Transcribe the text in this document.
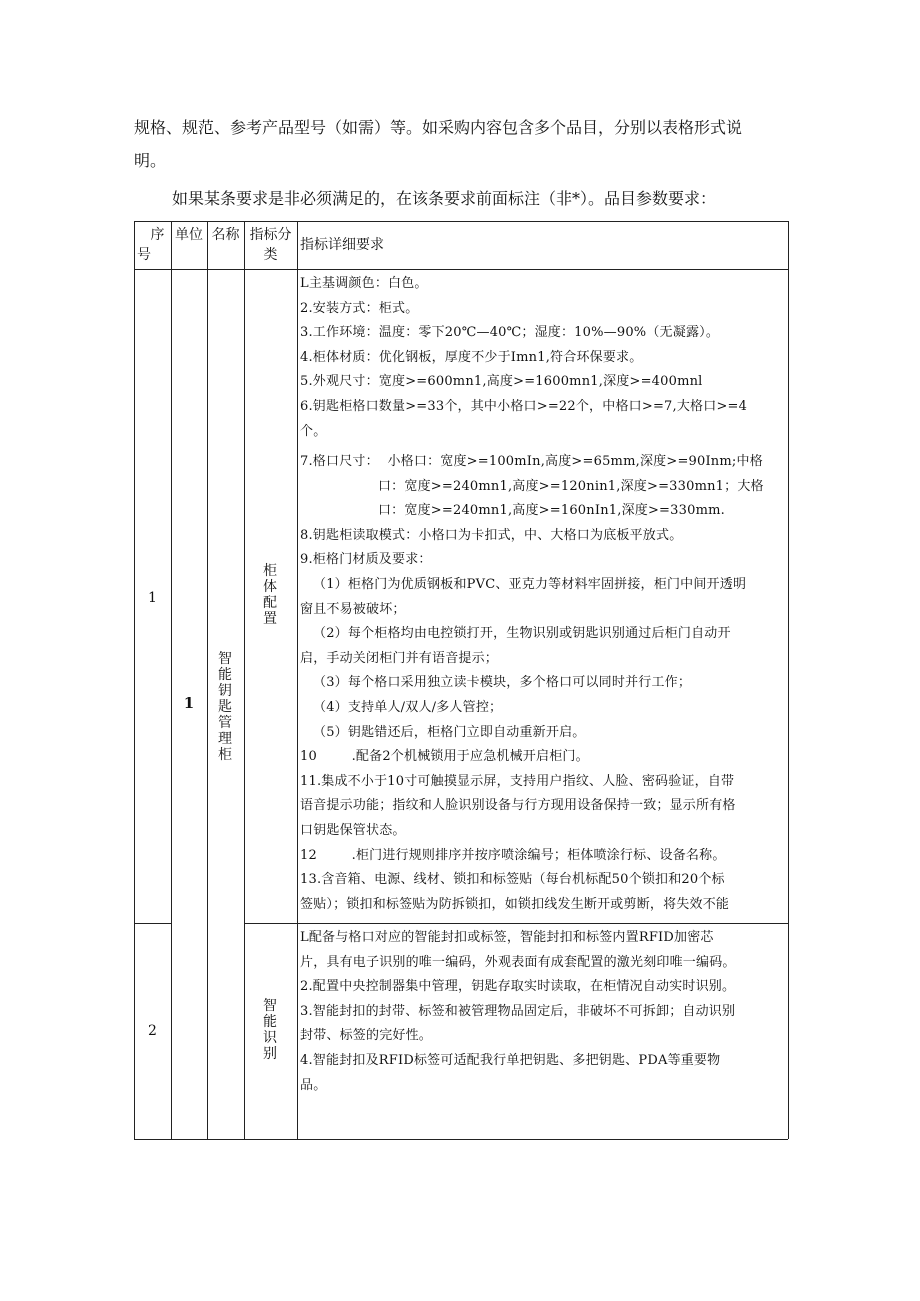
规格、规范、参考产品型号（如需）等。如采购内容包含多个品目，分别以表格形式说
明。
如果某条要求是非必须满足的，在该条要求前面标注（非*）。品目参数要求：
序
号
单位 名称 指标分
类
指标详细要求
1
2
1
智
能
钥
匙
管
理
柜
柜
体
配
置
智
能
识
别
L主基调颜色：白色。
2.安装方式：柜式。
3.工作环境：温度：零下20℃—40℃；湿度：10%—90%（无凝露）。
4.柜体材质：优化钢板，厚度不少于Imn1,符合环保要求。
5.外观尺寸：宽度>=600mn1,高度>=1600mn1,深度>=400mnl
6.钥匙柜格口数量>=33个，其中小格口>=22个，中格口>=7,大格口>=4
个。
7.格口尺寸：  小格口：宽度>=100mIn,高度>=65mm,深度>=90Inm;中格
口：宽度>=240mn1,高度>=120nin1,深度>=330mn1；大格
口：宽度>=240mn1,高度>=160nIn1,深度>=330mm.
8.钥匙柜读取模式：小格口为卡扣式，中、大格口为底板平放式。
9.柜格门材质及要求：
（1）柜格门为优质钢板和PVC、亚克力等材料牢固拼接，柜门中间开透明
窗且不易被破坏；
（2）每个柜格均由电控锁打开，生物识别或钥匙识别通过后柜门自动开
启，手动关闭柜门并有语音提示；
（3）每个格口采用独立读卡模块，多个格口可以同时并行工作；
（4）支持单人/双人/多人管控；
（5）钥匙错还后，柜格门立即自动重新开启。
10        .配备2个机械锁用于应急机械开启柜门。
11.集成不小于10寸可触摸显示屏，支持用户指纹、人脸、密码验证，自带
语音提示功能；指纹和人脸识别设备与行方现用设备保持一致；显示所有格
口钥匙保管状态。
12        .柜门进行规则排序并按序喷涂编号；柜体喷涂行标、设备名称。
13.含音箱、电源、线材、锁扣和标签贴（每台机标配50个锁扣和20个标
签贴）；锁扣和标签贴为防拆锁扣，如锁扣线发生断开或剪断，将失效不能
L配备与格口对应的智能封扣或标签，智能封扣和标签内置RFID加密芯
片，具有电子识别的唯一编码，外观表面有成套配置的激光刻印唯一编码。
2.配置中央控制器集中管理，钥匙存取实时读取，在柜情况自动实时识别。
3.智能封扣的封带、标签和被管理物品固定后，非破坏不可拆卸；自动识别
封带、标签的完好性。
4.智能封扣及RFID标签可适配我行单把钥匙、多把钥匙、PDA等重要物
品。
